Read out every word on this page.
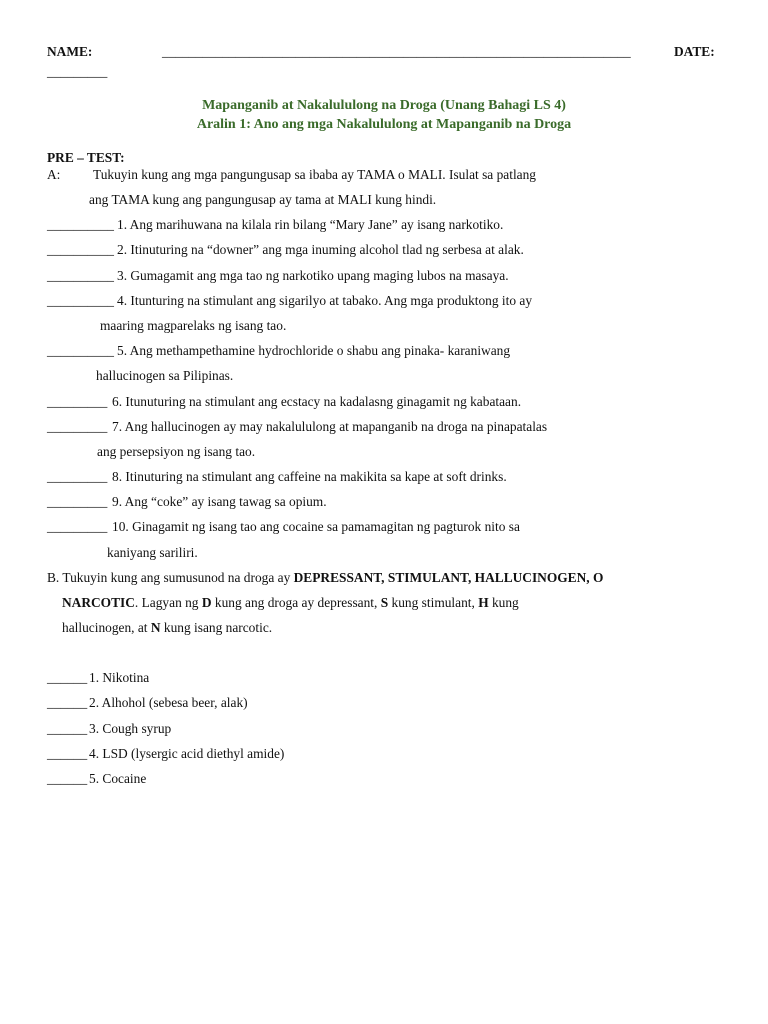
NAME:	______________________________________________________________________	DATE:
_________
Mapanganib at Nakalululong na Droga (Unang Bahagi LS 4)
Aralin 1: Ano ang mga Nakalululong at Mapanganib na Droga
PRE – TEST:
A: Tukuyin kung ang mga pangungusap sa ibaba ay TAMA o MALI. Isulat sa patlang
ang TAMA kung ang pangungusap ay tama at MALI kung hindi.
__________ 1. Ang marihuwana na kilala rin bilang “Mary Jane” ay isang narkotiko.
__________ 2. Itinuturing na “downer” ang mga inuming alcohol tlad ng serbesa at alak.
__________ 3. Gumagamit ang mga tao ng narkotiko upang maging lubos na masaya.
__________ 4. Itunturing na stimulant ang sigarilyo at tabako. Ang mga produktong ito ay
maaring magparelaks ng isang tao.
__________ 5. Ang methampethamine hydrochloride o shabu ang pinaka- karaniwang
hallucinogen sa Pilipinas.
_________ 6. Itunuturing na stimulant ang ecstacy na kadalasng ginagamit ng kabataan.
_________ 7. Ang hallucinogen ay may nakalululong at mapanganib na droga na pinapatalas
ang persepsiyon ng isang tao.
_________ 8. Itinuturing na stimulant ang caffeine na makikita sa kape at soft drinks.
_________ 9. Ang “coke” ay isang tawag sa opium.
_________ 10. Ginagamit ng isang tao ang cocaine sa pamamagitan ng pagturok nito sa
kaniyang sariliri.
B. Tukuyin kung ang sumusunod na droga ay DEPRESSANT, STIMULANT, HALLUCINOGEN, O
NARCOTIC. Lagyan ng D kung ang droga ay depressant, S kung stimulant, H kung
hallucinogen, at N kung isang narcotic.
______ 1. Nikotina
______ 2. Alhohol (sebesa beer, alak)
______ 3. Cough syrup
______ 4. LSD (lysergic acid diethyl amide)
______ 5. Cocaine
